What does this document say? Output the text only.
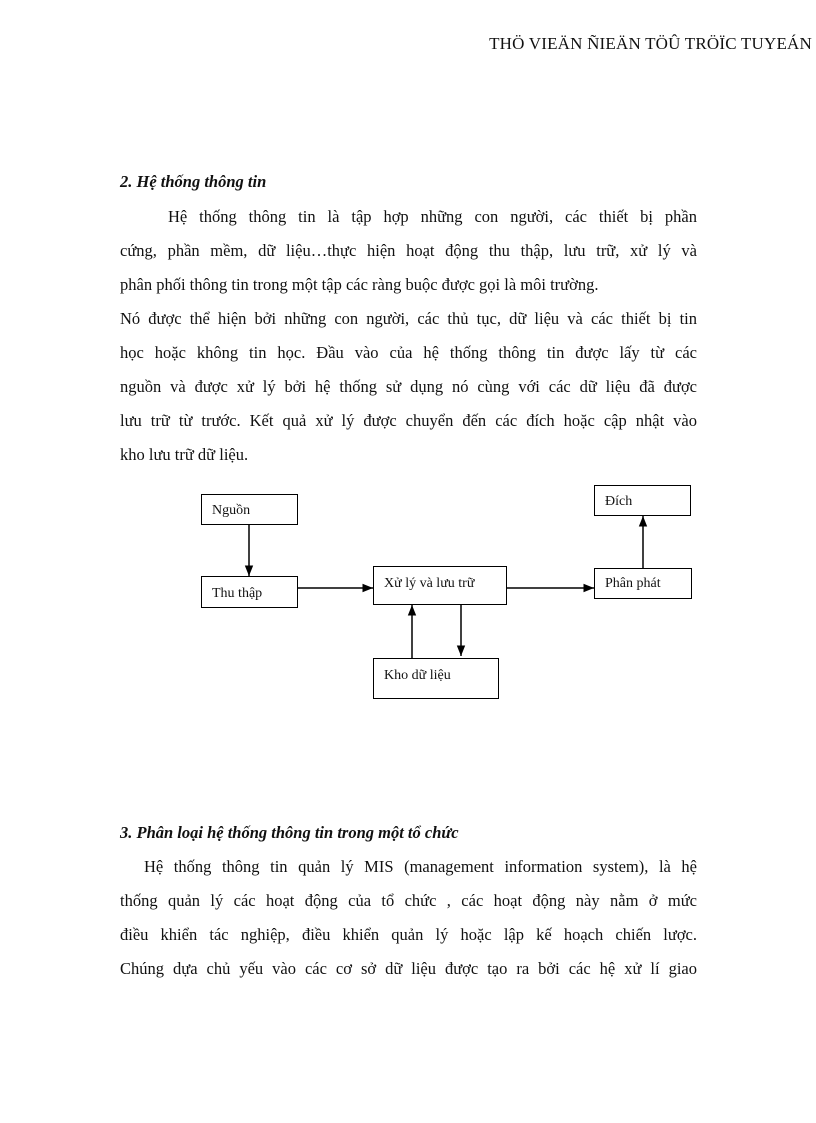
THÖ VIEÄN ÑIEÄN TÖÛ TRÖÏC TUYEÁN
2. Hệ thống thông tin
Hệ thống thông tin là tập hợp những con người, các thiết bị phần
cứng, phần mềm, dữ liệu…thực hiện hoạt động thu thập, lưu trữ, xử lý và
phân phối thông tin trong một tập các ràng buộc được gọi là môi trường.
Nó được thể hiện bởi những con người, các thủ tục, dữ liệu và các thiết bị tin
học hoặc không tin học. Đầu vào của hệ thống thông tin được lấy từ các
nguồn và được xử lý bởi hệ thống sử dụng nó cùng với các dữ liệu đã được
lưu trữ từ trước. Kết quả xử lý được chuyển đến các đích hoặc cập nhật vào
kho lưu trữ dữ liệu.
Nguồn
Thu thập
Xử lý và lưu trữ	Phân phát
Đích
Kho dữ liệu
3. Phân loại hệ thống thông tin trong một tổ chức
Hệ thống thông tin quản lý MIS (management information system), là hệ
thống quản lý các hoạt động của tổ chức , các hoạt động này nằm ở mức
điều khiển tác nghiệp, điều khiển quản lý hoặc lập kế hoạch chiến lược.
Chúng dựa chủ yếu vào các cơ sở dữ liệu được tạo ra bởi các hệ xử lí giao
